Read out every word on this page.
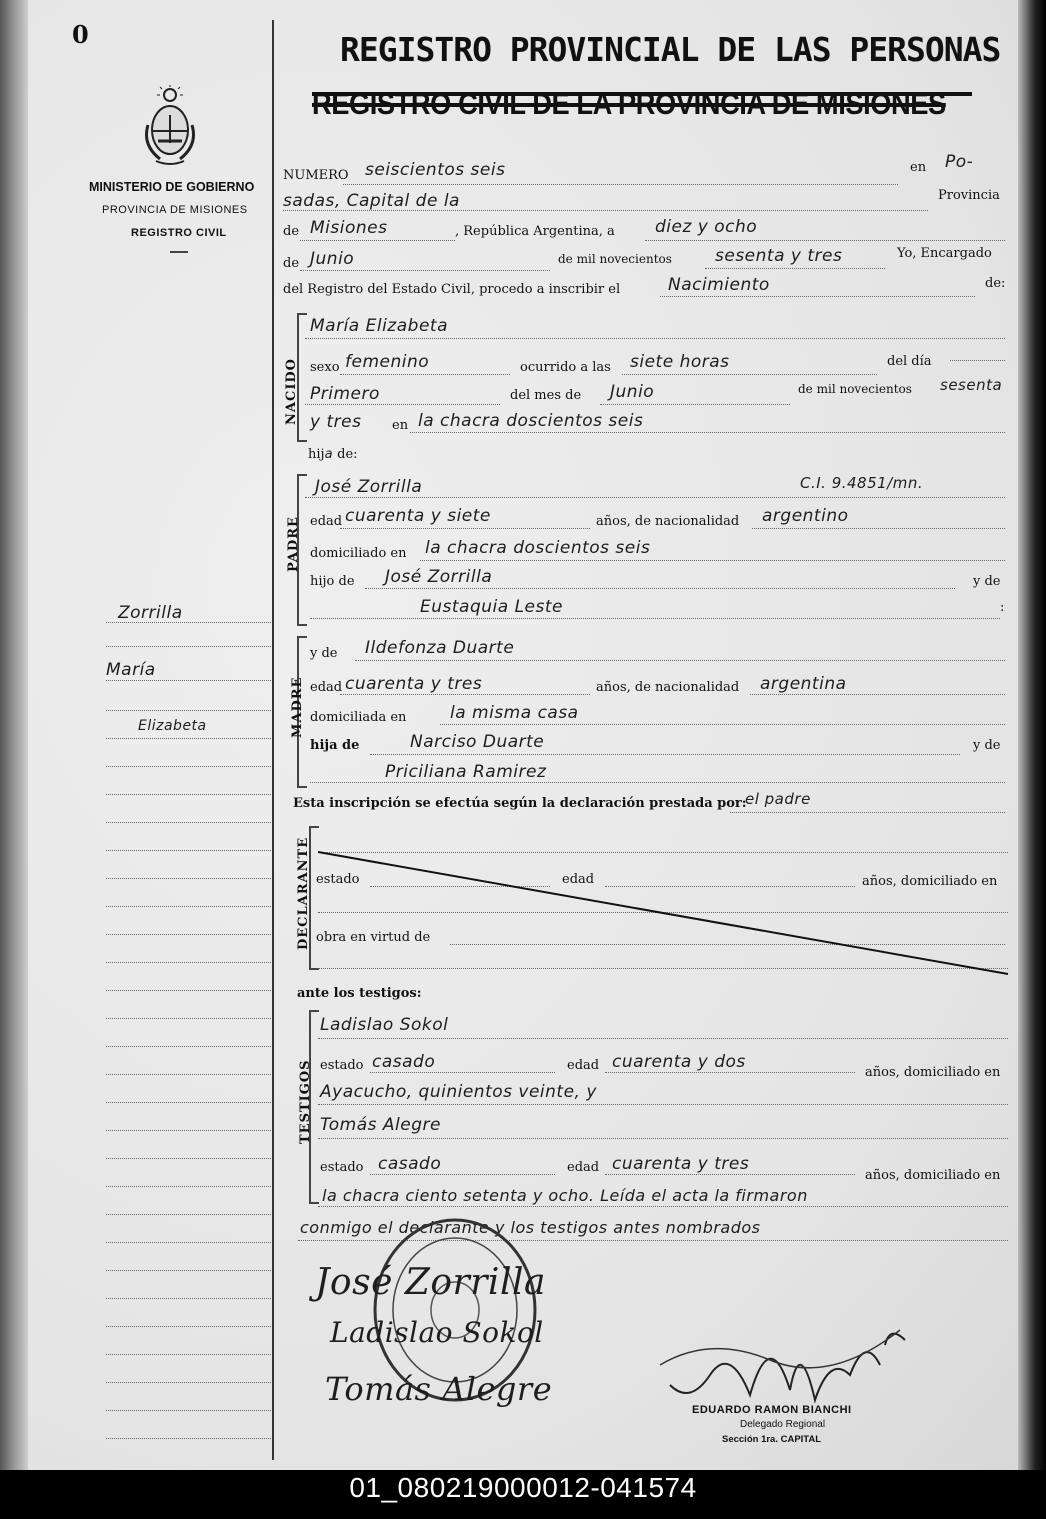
0
MINISTERIO DE GOBIERNO
PROVINCIA DE MISIONES
REGISTRO CIVIL
Zorrilla
María
Elizabeta
REGISTRO PROVINCIAL DE LAS PERSONAS
REGISTRO CIVIL DE LA PROVINCIA DE MISIONES
NUMERO seiscientos seis	en Po-
sadas, Capital de la	Provincia
de Misiones	, República Argentina, a diez y ocho
de Junio	de mil novecientos	sesenta y tres	Yo, Encargado
del Registro del Estado Civil, procedo a inscribir el	Nacimiento	de:
NACIDO
María Elizabeta
sexo femenino	ocurrido a las siete horas	del día
Primero	del mes de Junio	de mil novecientos sesenta
y tres en la chacra doscientos seis
hija de:
PADRE
José Zorrilla	C.I. 9.4851/mn.
edad cuarenta y siete	años, de nacionalidad argentino
domiciliado en la chacra doscientos seis
hijo de José Zorrilla	y de
Eustaquia Leste	:
MADRE
y de Ildefonza Duarte
edad cuarenta y tres	años, de nacionalidad argentina
domiciliada en	la misma casa
hija de	Narciso Duarte	y de
Priciliana Ramirez
Esta inscripción se efectúa según la declaración prestada por:
el padre
DECLARANTE estado	edad	años, domiciliado en
obra en virtud de
ante los testigos:
TESTIGOS
Ladislao Sokol
estado casado	edad cuarenta y dos
años, domiciliado en
Ayacucho, quinientos veinte, y
Tomás Alegre
estado casado	edad cuarenta y tres
años, domiciliado en
la chacra ciento setenta y ocho. Leída el acta la firmaron
conmigo el declarante y los testigos antes nombrados
José Zorrilla
Ladislao Sokol
Tomás Alegre
EDUARDO RAMON BIANCHI
Delegado Regional
Sección 1ra. CAPITAL
01_080219000012-041574
